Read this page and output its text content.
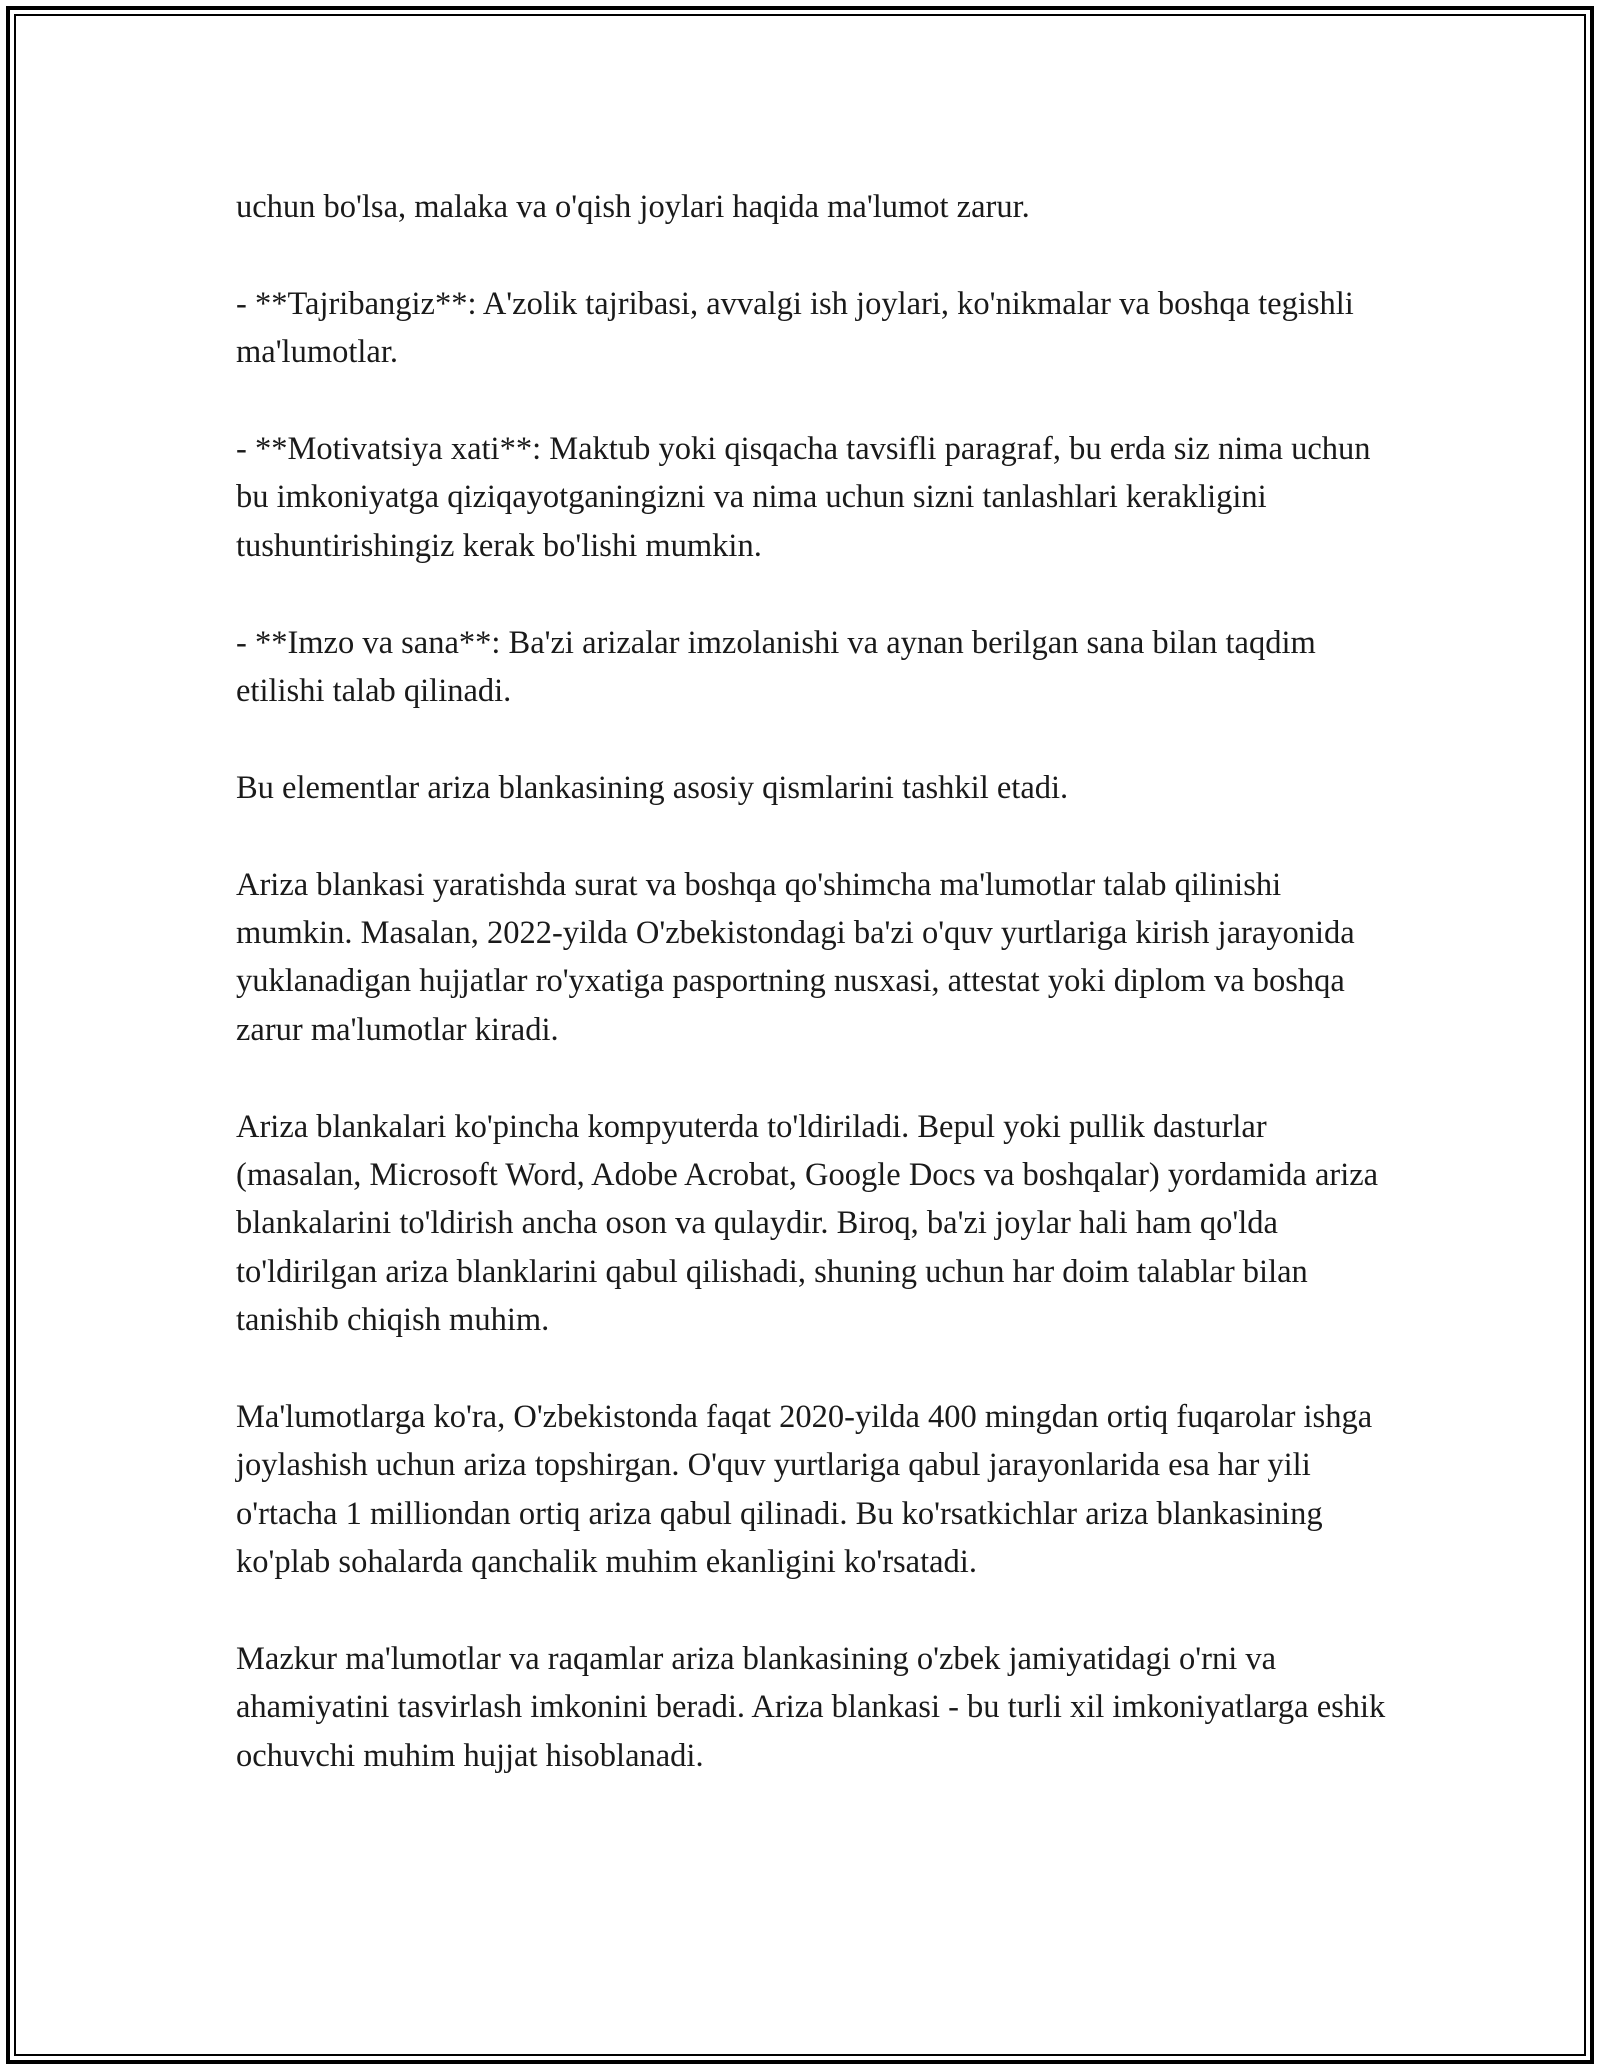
uchun bo'lsa, malaka va o'qish joylari haqida ma'lumot zarur.

- **Tajribangiz**: A'zolik tajribasi, avvalgi ish joylari, ko'nikmalar va boshqa tegishli ma'lumotlar.

- **Motivatsiya xati**: Maktub yoki qisqacha tavsifli paragraf, bu erda siz nima uchun bu imkoniyatga qiziqayotganingizni va nima uchun sizni tanlashlari kerakligini tushuntirishingiz kerak bo'lishi mumkin.

- **Imzo va sana**: Ba'zi arizalar imzolanishi va aynan berilgan sana bilan taqdim etilishi talab qilinadi.

Bu elementlar ariza blankasining asosiy qismlarini tashkil etadi.

Ariza blankasi yaratishda surat va boshqa qo'shimcha ma'lumotlar talab qilinishi mumkin. Masalan, 2022-yilda O'zbekistondagi ba'zi o'quv yurtlariga kirish jarayonida yuklanadigan hujjatlar ro'yxatiga pasportning nusxasi, attestat yoki diplom va boshqa zarur ma'lumotlar kiradi.

Ariza blankalari ko'pincha kompyuterda to'ldiriladi. Bepul yoki pullik dasturlar (masalan, Microsoft Word, Adobe Acrobat, Google Docs va boshqalar) yordamida ariza blankalarini to'ldirish ancha oson va qulaydir. Biroq, ba'zi joylar hali ham qo'lda to'ldirilgan ariza blanklarini qabul qilishadi, shuning uchun har doim talablar bilan tanishib chiqish muhim.

Ma'lumotlarga ko'ra, O'zbekistonda faqat 2020-yilda 400 mingdan ortiq fuqarolar ishga joylashish uchun ariza topshirgan. O'quv yurtlariga qabul jarayonlarida esa har yili o'rtacha 1 milliondan ortiq ariza qabul qilinadi. Bu ko'rsatkichlar ariza blankasining ko'plab sohalarda qanchalik muhim ekanligini ko'rsatadi.

Mazkur ma'lumotlar va raqamlar ariza blankasining o'zbek jamiyatidagi o'rni va ahamiyatini tasvirlash imkonini beradi. Ariza blankasi - bu turli xil imkoniyatlarga eshik ochuvchi muhim hujjat hisoblanadi.
